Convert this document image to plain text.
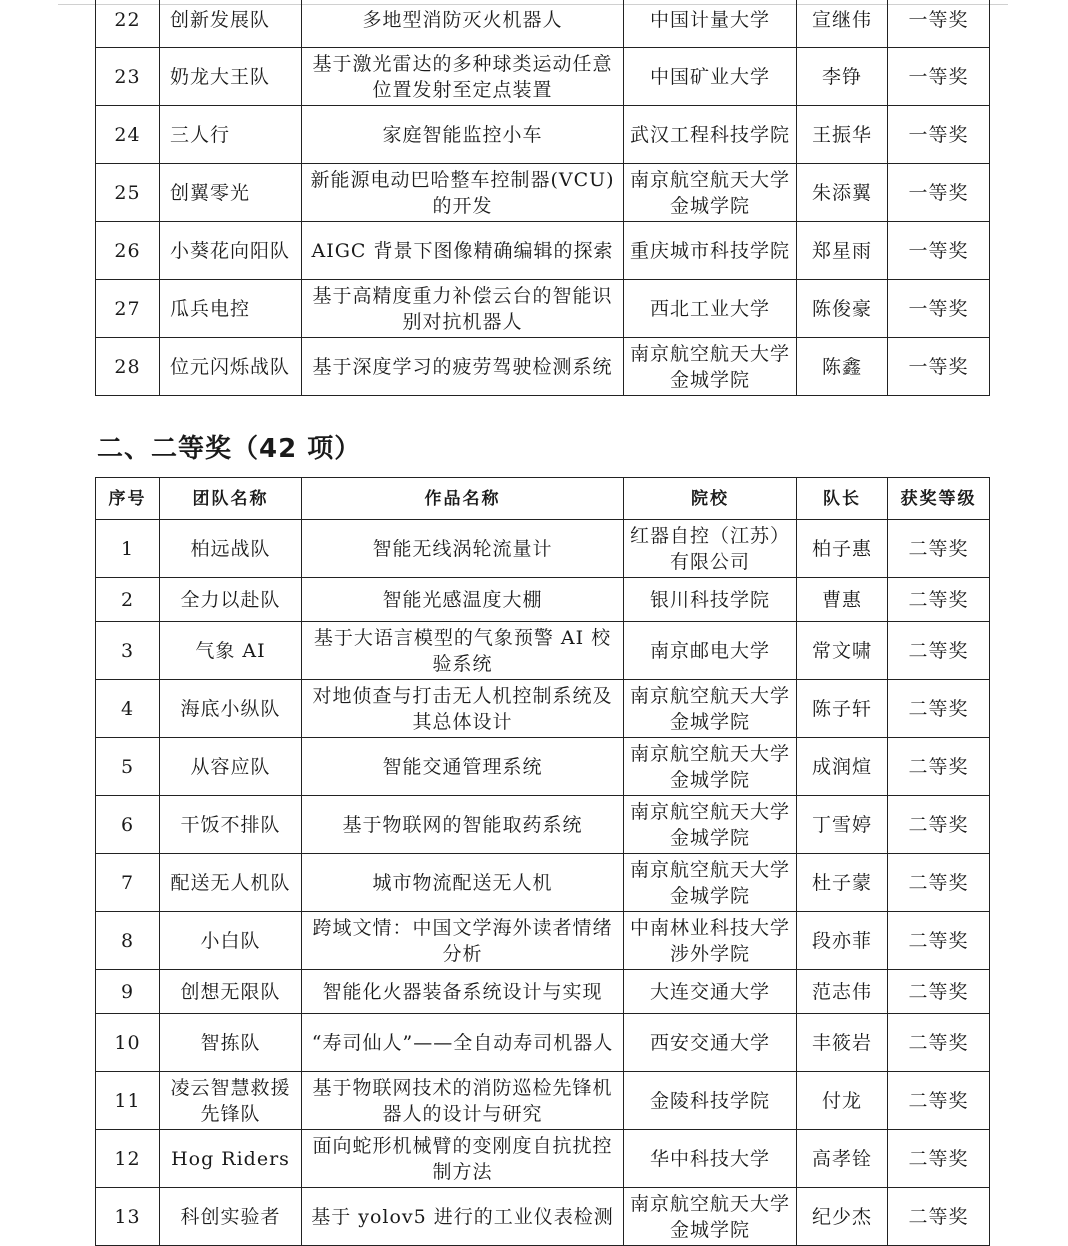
22	创新发展队	多地型消防灭火机器人	中国计量大学	宣继伟	一等奖
23	奶龙大王队	基于激光雷达的多种球类运动任意位置发射至定点装置	中国矿业大学	李铮	一等奖
24	三人行	家庭智能监控小车	武汉工程科技学院	王振华	一等奖
25	创翼零光	新能源电动巴哈整车控制器(VCU)的开发	南京航空航天大学金城学院	朱添翼	一等奖
26	小葵花向阳队	AIGC 背景下图像精确编辑的探索	重庆城市科技学院	郑星雨	一等奖
27	瓜兵电控	基于高精度重力补偿云台的智能识别对抗机器人	西北工业大学	陈俊豪	一等奖
28	位元闪烁战队	基于深度学习的疲劳驾驶检测系统	南京航空航天大学金城学院	陈鑫	一等奖
二、二等奖（42 项）
序号	团队名称	作品名称	院校	队长	获奖等级
1	柏远战队	智能无线涡轮流量计	红器自控（江苏）有限公司	柏子惠	二等奖
2	全力以赴队	智能光感温度大棚	银川科技学院	曹惠	二等奖
3	气象 AI	基于大语言模型的气象预警 AI 校验系统	南京邮电大学	常文啸	二等奖
4	海底小纵队	对地侦查与打击无人机控制系统及其总体设计	南京航空航天大学金城学院	陈子轩	二等奖
5	从容应队	智能交通管理系统	南京航空航天大学金城学院	成润煊	二等奖
6	干饭不排队	基于物联网的智能取药系统	南京航空航天大学金城学院	丁雪婷	二等奖
7	配送无人机队	城市物流配送无人机	南京航空航天大学金城学院	杜子蒙	二等奖
8	小白队	跨域文情：中国文学海外读者情绪分析	中南林业科技大学涉外学院	段亦菲	二等奖
9	创想无限队	智能化火器装备系统设计与实现	大连交通大学	范志伟	二等奖
10	智拣队	“寿司仙人”——全自动寿司机器人	西安交通大学	丰筱岩	二等奖
11	凌云智慧救援先锋队	基于物联网技术的消防巡检先锋机器人的设计与研究	金陵科技学院	付龙	二等奖
12	Hog Riders	面向蛇形机械臂的变刚度自抗扰控制方法	华中科技大学	高孝铨	二等奖
13	科创实验者	基于 yolov5 进行的工业仪表检测	南京航空航天大学金城学院	纪少杰	二等奖
